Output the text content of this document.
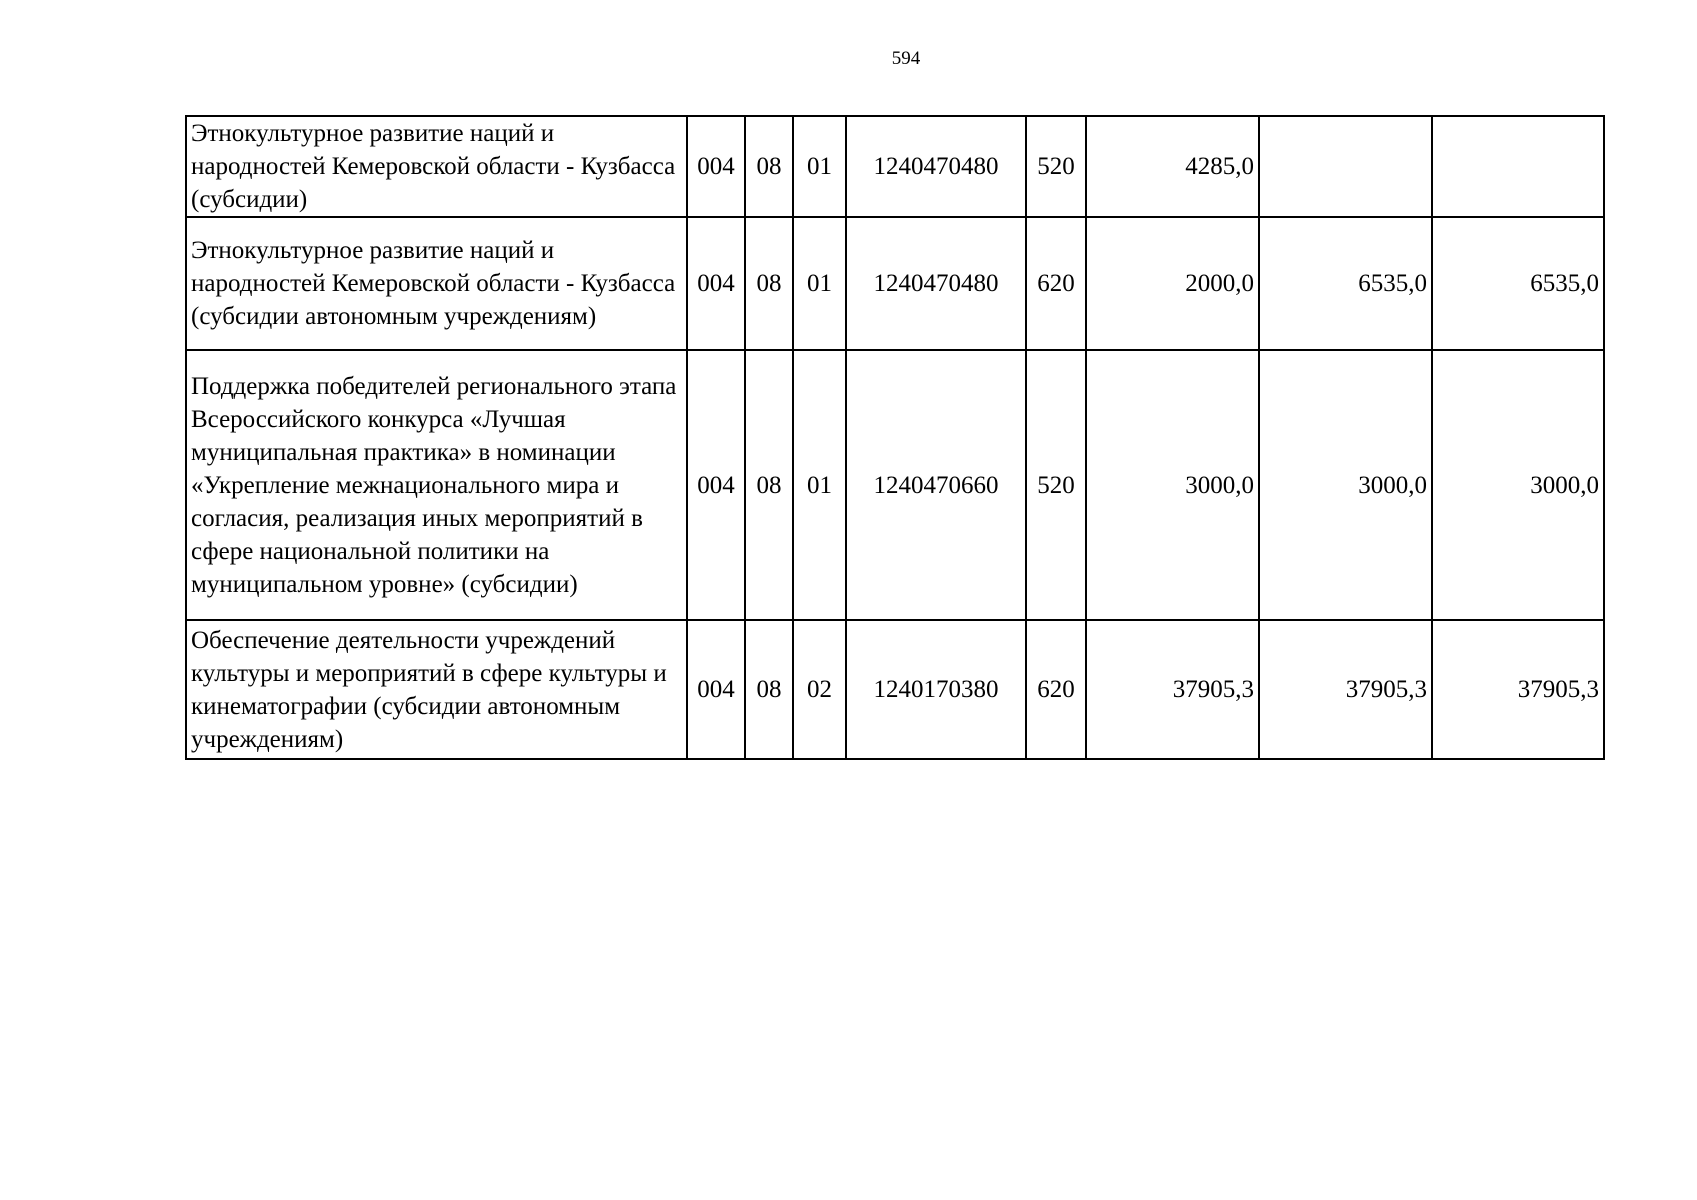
594
Этнокультурное развитие наций и народностей Кемеровской области - Кузбасса (субсидии)	004	08	01	1240470480	520	4285,0		
Этнокультурное развитие наций и народностей Кемеровской области - Кузбасса (субсидии автономным учреждениям)	004	08	01	1240470480	620	2000,0	6535,0	6535,0
Поддержка победителей регионального этапа Всероссийского конкурса «Лучшая муниципальная практика» в номинации «Укрепление межнационального мира и согласия, реализация иных мероприятий в сфере национальной политики на муниципальном уровне» (субсидии)	004	08	01	1240470660	520	3000,0	3000,0	3000,0
Обеспечение деятельности учреждений культуры и мероприятий в сфере культуры и кинематографии (субсидии автономным учреждениям)	004	08	02	1240170380	620	37905,3	37905,3	37905,3
